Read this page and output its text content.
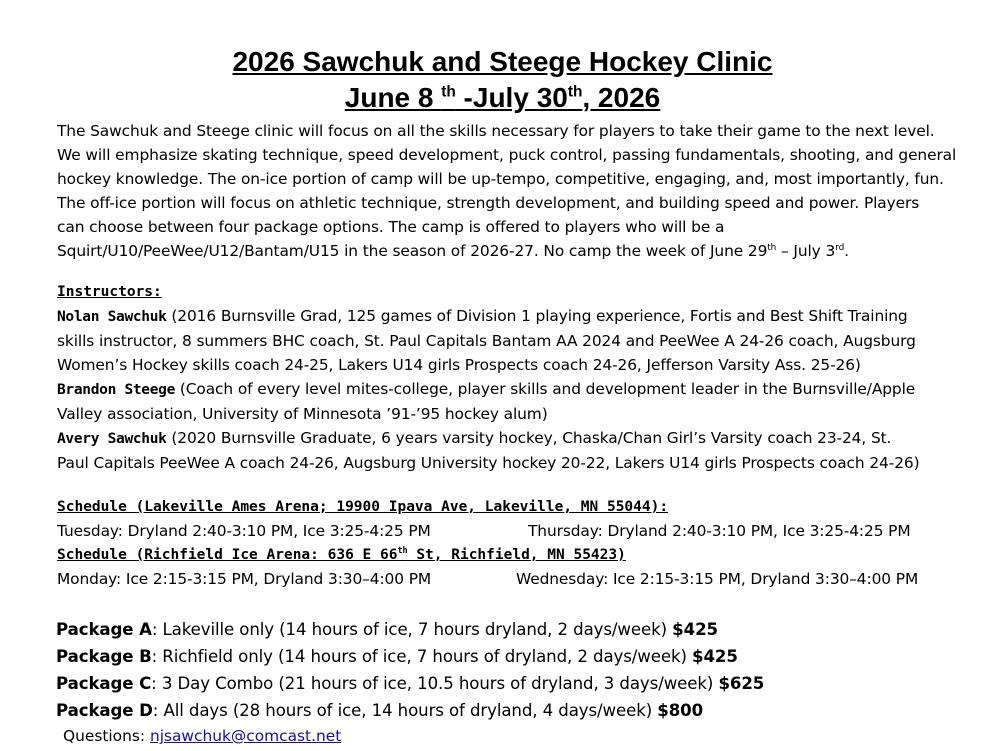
2026 Sawchuk and Steege Hockey Clinic
June 8 $^{th}$ -July 30th, 2026

The Sawchuk and Steege clinic will focus on all the skills necessary for players to take their game to the next level.

We will emphasize skating technique, speed development, puck control, passing fundamentals, shooting, and general

hockey knowledge. The on-ice portion of camp will be up-tempo, competitive, engaging, and, most importantly, fun.

The off-ice portion will focus on athletic technique, strength development, and building speed and power. Players

can choose between four package options. The camp is offered to players who will be a

Squirt/U10/PeeWee/U12/Bantam/U15 in the season of 2026-27. No camp the week of June 29th – July 3rd.

Instructors:
Nolan Sawchuk (2016 Burnsville Grad, 125 games of Division 1 playing experience, Fortis and Best Shift Training
skills instructor, 8 summers BHC coach, St. Paul Capitals Bantam AA 2024 and PeeWee A 24-26 coach, Augsburg
Women’s Hockey skills coach 24-25, Lakers U14 girls Prospects coach 24-26, Jefferson Varsity Ass. 25-26)
Brandon Steege (Coach of every level mites-college, player skills and development leader in the Burnsville/Apple
Valley association, University of Minnesota ’91-’95 hockey alum)
Avery Sawchuk (2020 Burnsville Graduate, 6 years varsity hockey, Chaska/Chan Girl’s Varsity coach 23-24, St.
Paul Capitals PeeWee A coach 24-26, Augsburg University hockey 20-22, Lakers U14 girls Prospects coach 24-26)
Schedule (Lakeville Ames Arena; 19900 Ipava Ave, Lakeville, MN 55044):
Tuesday: Dryland 2:40-3:10 PM, Ice 3:25-4:25 PM	Thursday: Dryland 2:40-3:10 PM, Ice 3:25-4:25 PM
Schedule (Richfield Ice Arena: 636 E 66th St, Richfield, MN 55423)
Monday: Ice 2:15-3:15 PM, Dryland 3:30–4:00 PM	Wednesday: Ice 2:15-3:15 PM, Dryland 3:30–4:00 PM
Package A: Lakeville only (14 hours of ice, 7 hours dryland, 2 days/week) $425
Package B: Richfield only (14 hours of ice, 7 hours of dryland, 2 days/week) $425
Package C: 3 Day Combo (21 hours of ice, 10.5 hours of dryland, 3 days/week) $625
Package D: All days (28 hours of ice, 14 hours of dryland, 4 days/week) $800
Questions: njsawchuk@comcast.net
